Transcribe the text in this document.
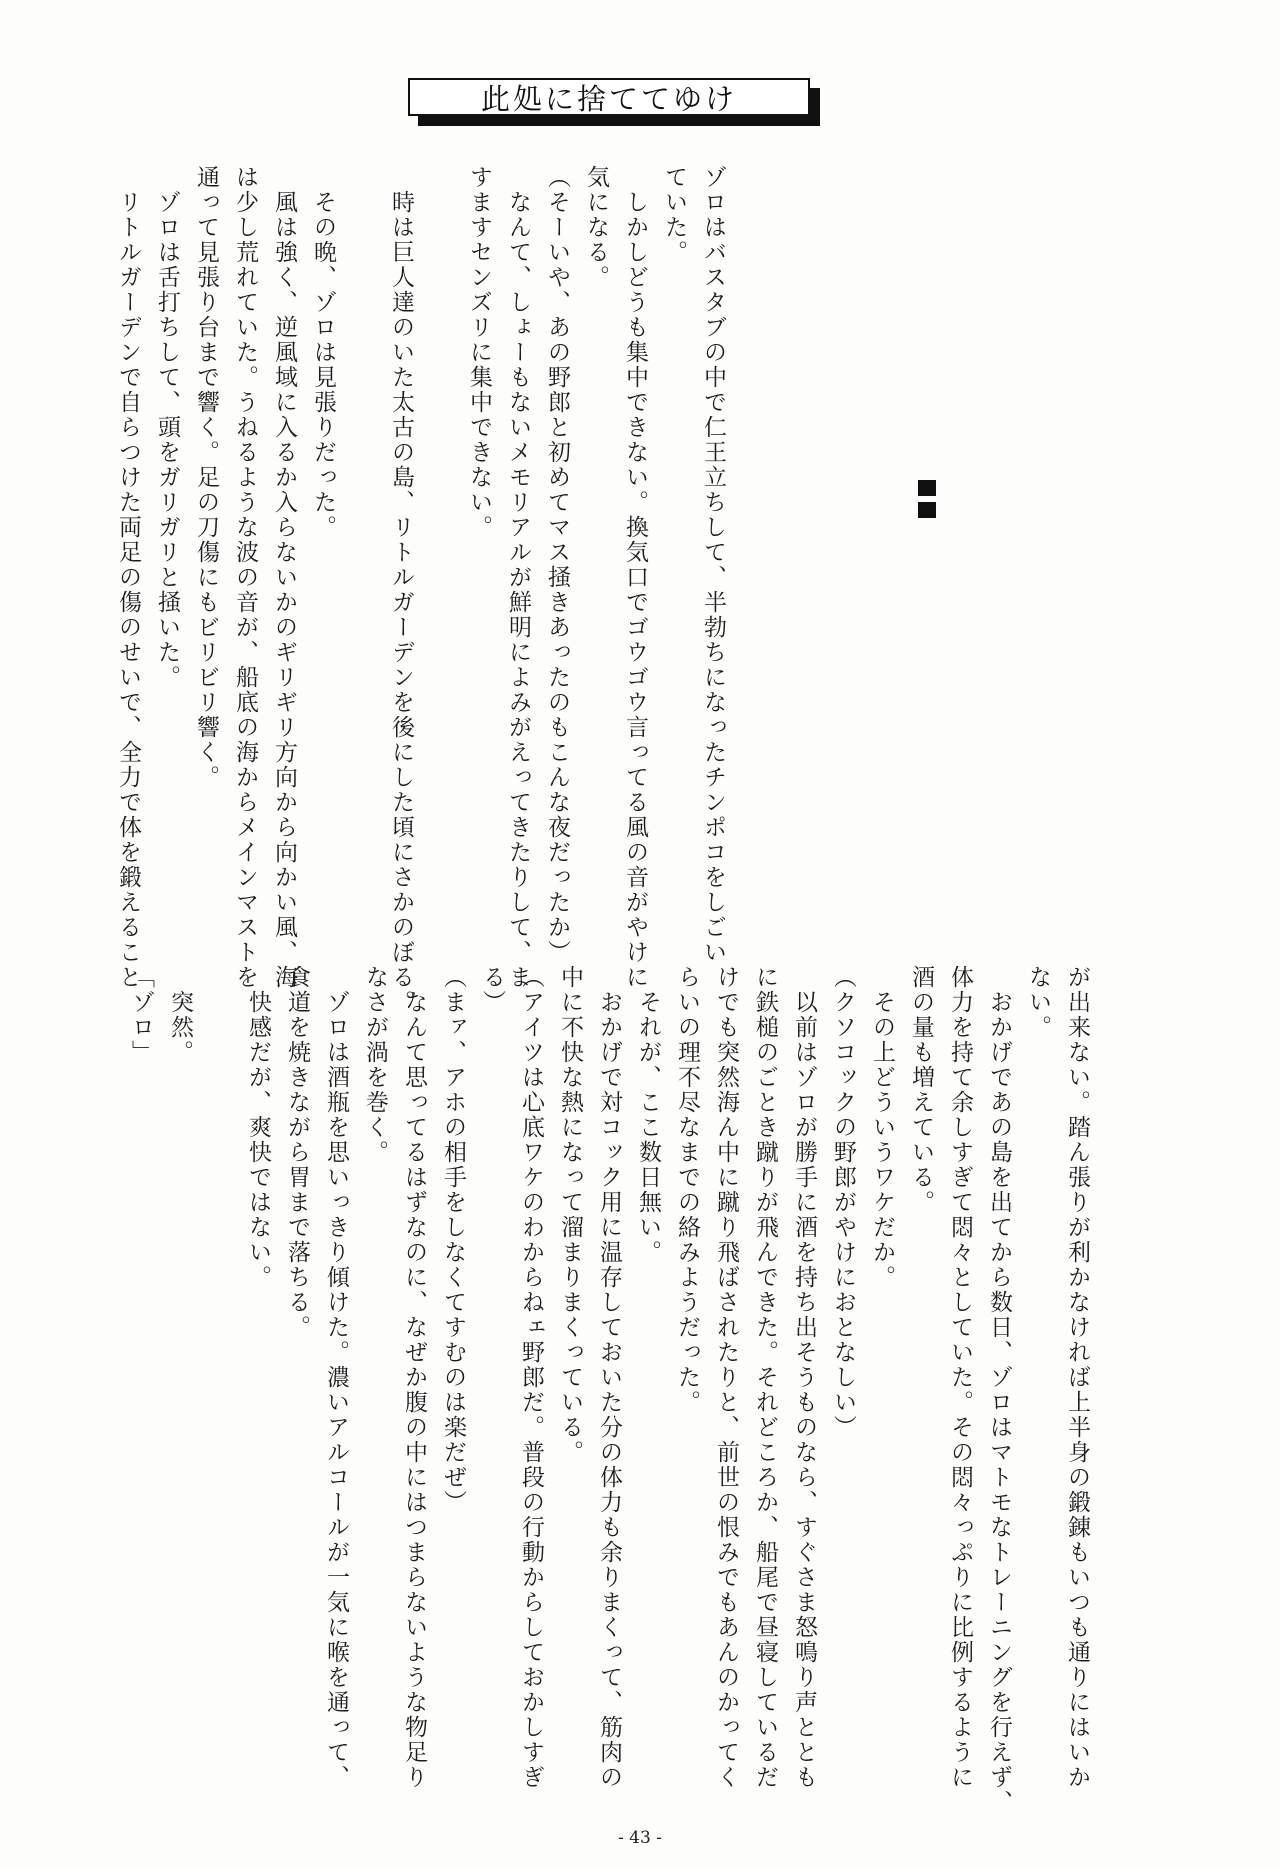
此処に捨ててゆけ

ゾロはバスタブの中で仁王立ちして、半勃ちになったチンポコをしごい

ていた。

　しかしどうも集中できない。換気口でゴウゴウ言ってる風の音がやけに

気になる。

（そーいや、あの野郎と初めてマス掻きあったのもこんな夜だったか）

　なんて、しょーもないメモリアルが鮮明によみがえってきたりして、ま

すますセンズリに集中できない。

　時は巨人達のいた太古の島、リトルガーデンを後にした頃にさかのぼる。

　その晩、ゾロは見張りだった。

　風は強く、逆風域に入るか入らないかのギリギリ方向から向かい風、海

は少し荒れていた。うねるような波の音が、船底の海からメインマストを

通って見張り台まで響く。足の刀傷にもビリビリ響く。

　ゾロは舌打ちして、頭をガリガリと掻いた。

　リトルガーデンで自らつけた両足の傷のせいで、全力で体を鍛えること

が出来ない。踏ん張りが利かなければ上半身の鍛錬もいつも通りにはいか

ない。

　おかげであの島を出てから数日、ゾロはマトモなトレーニングを行えず、

体力を持て余しすぎて悶々としていた。その悶々っぷりに比例するように

酒の量も増えている。

　その上どういうワケだか。

（クソコックの野郎がやけにおとなしい）

　以前はゾロが勝手に酒を持ち出そうものなら、すぐさま怒鳴り声ととも

に鉄槌のごとき蹴りが飛んできた。それどころか、船尾で昼寝しているだ

けでも突然海ん中に蹴り飛ばされたりと、前世の恨みでもあんのかってく

らいの理不尽なまでの絡みようだった。

　それが、ここ数日無い。

　おかげで対コック用に温存しておいた分の体力も余りまくって、筋肉の

中に不快な熱になって溜まりまくっている。

（アイツは心底ワケのわからねェ野郎だ。普段の行動からしておかしすぎ

る）

（まァ、アホの相手をしなくてすむのは楽だぜ）

　なんて思ってるはずなのに、なぜか腹の中にはつまらないような物足り

なさが渦を巻く。

　ゾロは酒瓶を思いっきり傾けた。濃いアルコールが一気に喉を通って、

食道を焼きながら胃まで落ちる。

　快感だが、爽快ではない。

　突然。

「ゾロ」

- 43 -
